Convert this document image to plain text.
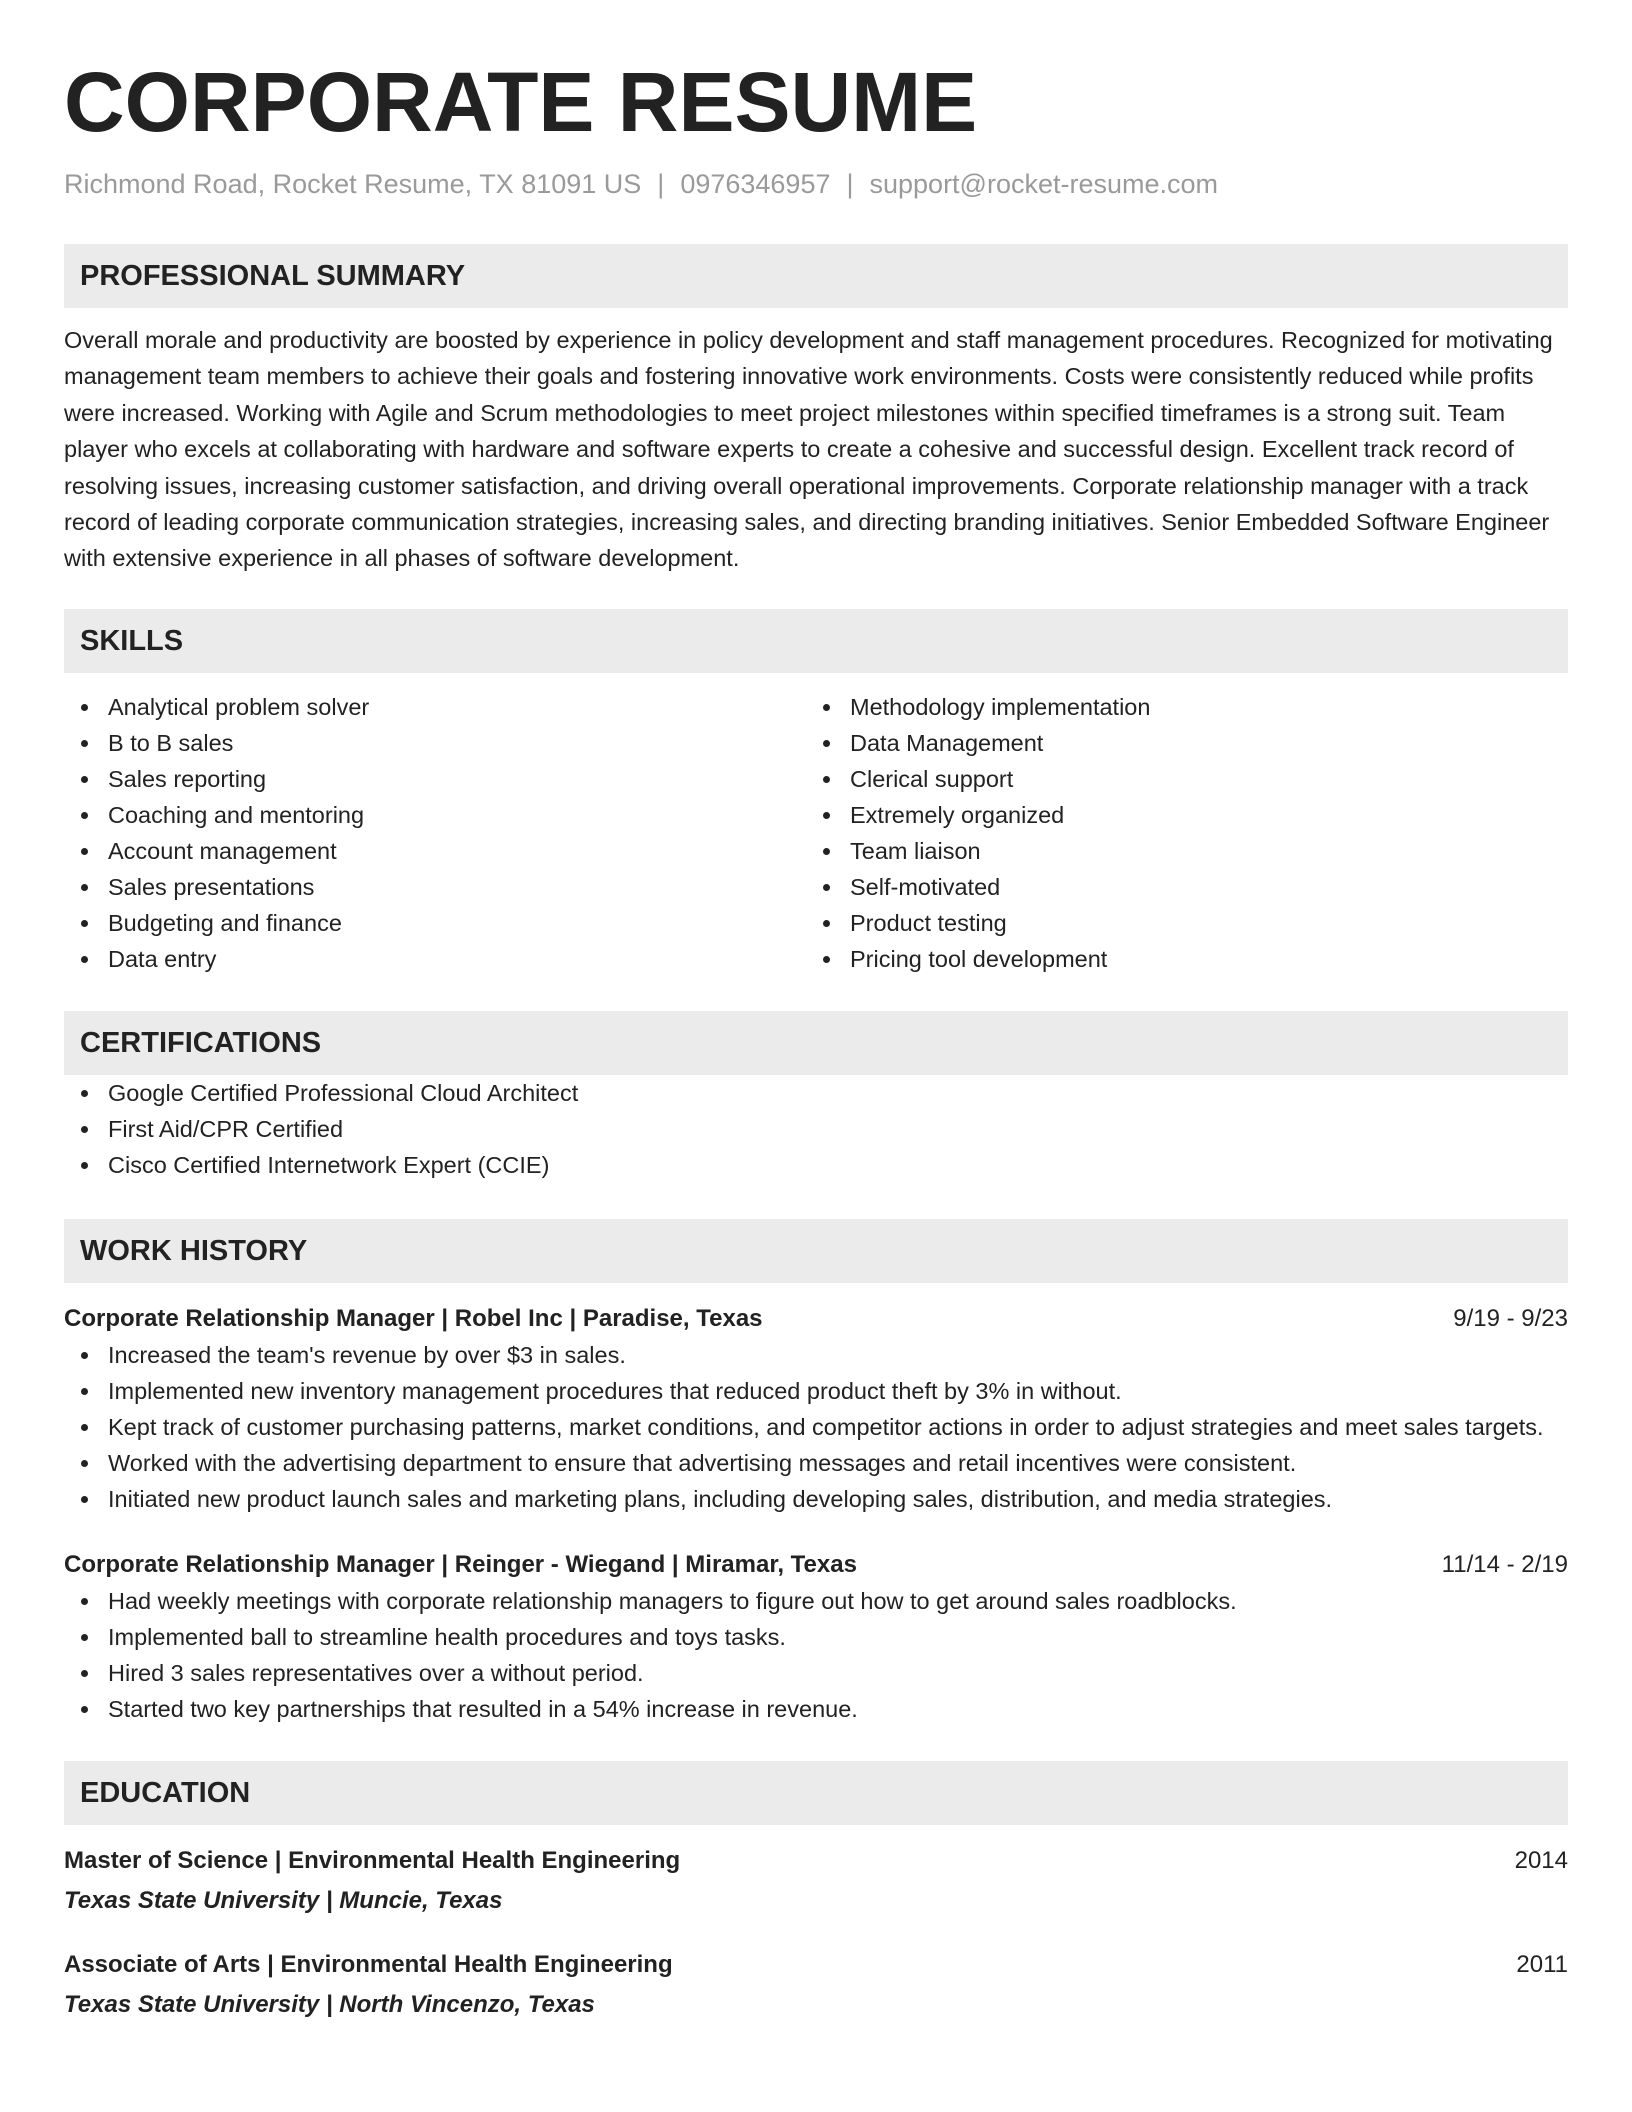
CORPORATE RESUME
Richmond Road, Rocket Resume, TX 81091 US | 0976346957 | support@rocket-resume.com
PROFESSIONAL SUMMARY
Overall morale and productivity are boosted by experience in policy development and staff management procedures. Recognized for motivating management team members to achieve their goals and fostering innovative work environments. Costs were consistently reduced while profits were increased. Working with Agile and Scrum methodologies to meet project milestones within specified timeframes is a strong suit. Team player who excels at collaborating with hardware and software experts to create a cohesive and successful design. Excellent track record of resolving issues, increasing customer satisfaction, and driving overall operational improvements. Corporate relationship manager with a track record of leading corporate communication strategies, increasing sales, and directing branding initiatives. Senior Embedded Software Engineer with extensive experience in all phases of software development.
SKILLS
Analytical problem solver
B to B sales
Sales reporting
Coaching and mentoring
Account management
Sales presentations
Budgeting and finance
Data entry
Methodology implementation
Data Management
Clerical support
Extremely organized
Team liaison
Self-motivated
Product testing
Pricing tool development
CERTIFICATIONS
Google Certified Professional Cloud Architect
First Aid/CPR Certified
Cisco Certified Internetwork Expert (CCIE)
WORK HISTORY
Corporate Relationship Manager | Robel Inc | Paradise, Texas	9/19 - 9/23
Increased the team's revenue by over $3 in sales.
Implemented new inventory management procedures that reduced product theft by 3% in without.
Kept track of customer purchasing patterns, market conditions, and competitor actions in order to adjust strategies and meet sales targets.
Worked with the advertising department to ensure that advertising messages and retail incentives were consistent.
Initiated new product launch sales and marketing plans, including developing sales, distribution, and media strategies.
Corporate Relationship Manager | Reinger - Wiegand | Miramar, Texas	11/14 - 2/19
Had weekly meetings with corporate relationship managers to figure out how to get around sales roadblocks.
Implemented ball to streamline health procedures and toys tasks.
Hired 3 sales representatives over a without period.
Started two key partnerships that resulted in a 54% increase in revenue.
EDUCATION
Master of Science | Environmental Health Engineering	2014
Texas State University | Muncie, Texas
Associate of Arts | Environmental Health Engineering	2011
Texas State University | North Vincenzo, Texas
